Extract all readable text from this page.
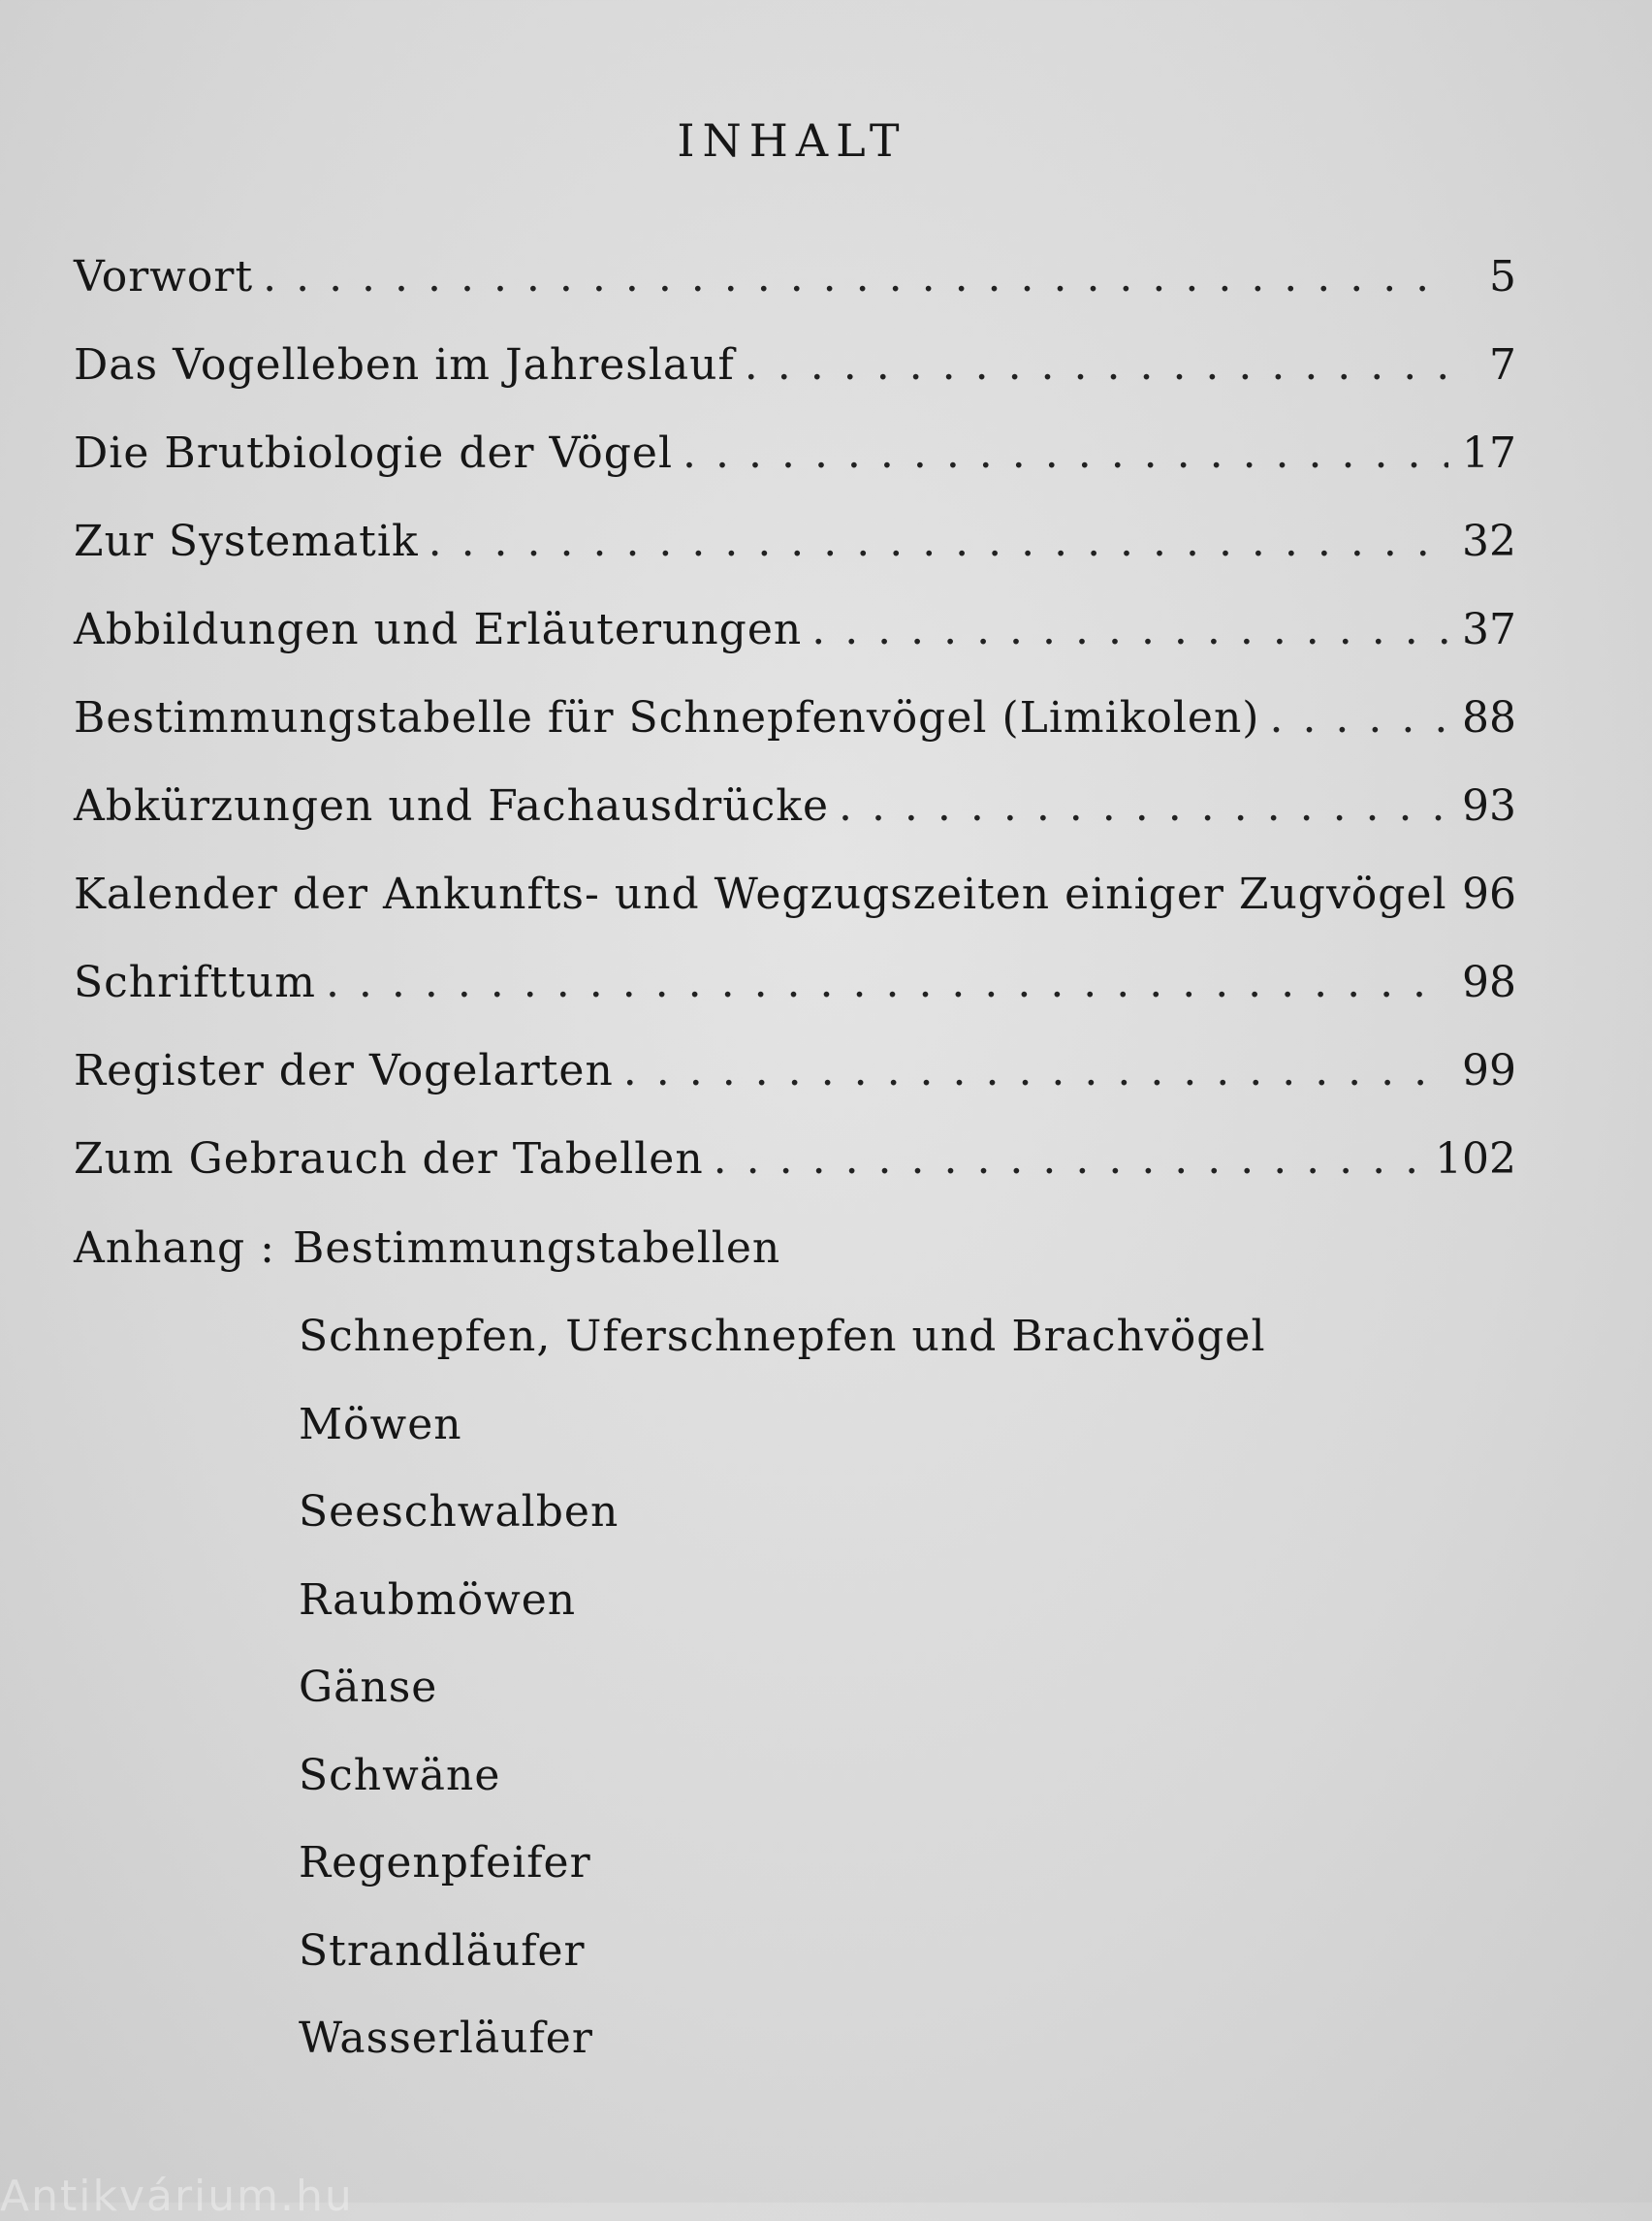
INHALT
Vorwort . . .	5
Das Vogelleben im Jahreslauf . . .	7
Die Brutbiologie der Vögel . . .	17
Zur Systematik . . .	32
Abbildungen und Erläuterungen . . .	37
Bestimmungstabelle für Schnepfenvögel (Limikolen) . . .	88
Abkürzungen und Fachausdrücke . . .	93
Kalender der Ankunfts- und Wegzugszeiten einiger Zugvögel . . . 96
Schrifttum . . .	98
Register der Vogelarten . . .	99
Zum Gebrauch der Tabellen . . .	102
Anhang : Bestimmungstabellen
Schnepfen, Uferschnepfen und Brachvögel
Möwen
Seeschwalben
Raubmöwen
Gänse
Schwäne
Regenpfeifer
Strandläufer
Wasserläufer
Antikvárium.hu
